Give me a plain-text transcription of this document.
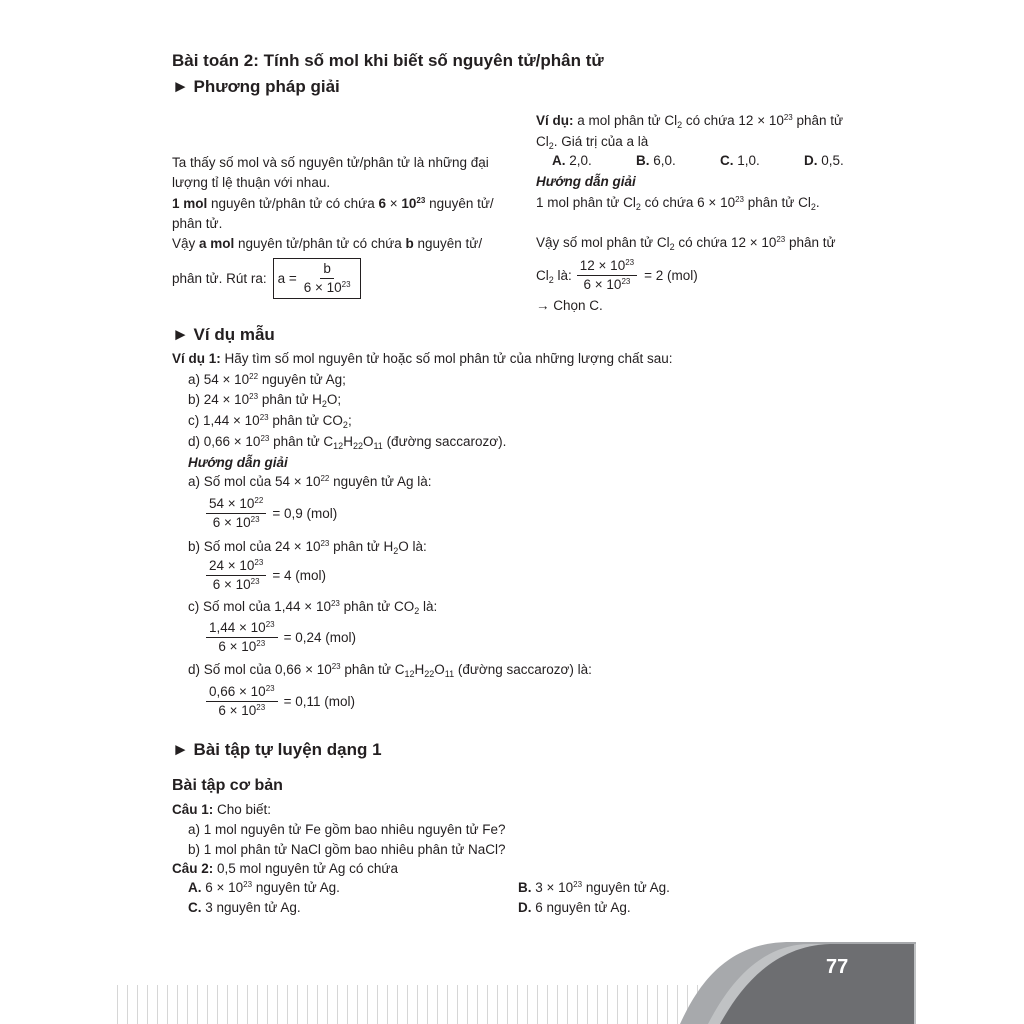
Bài toán 2: Tính số mol khi biết số nguyên tử/phân tử
► Phương pháp giải
Ta thấy số mol và số nguyên tử/phân tử là những đại
lượng tỉ lệ thuận với nhau.
1 mol nguyên tử/phân tử có chứa $6 \times 10^{23}$ nguyên tử/
phân tử.
Vậy a mol nguyên tử/phân tử có chứa b nguyên tử/
phân tử. Rút ra: $a = \frac{b}{6 \times 10^{23}}$
Ví dụ: a mol phân tử $Cl_2$ có chứa $12 \times 10^{23}$ phân tử
$Cl_2$. Giá trị của a là
A. 2,0.	B. 6,0.	C. 1,0.	D. 0,5.
Hướng dẫn giải
1 mol phân tử $Cl_2$ có chứa $6 \times 10^{23}$ phân tử $Cl_2$.
Vậy số mol phân tử $Cl_2$ có chứa $12 \times 10^{23}$ phân tử
$Cl_2$ là: $\frac{12 \times 10^{23}}{6 \times 10^{23}} = 2$ (mol)
→ Chọn C.
► Ví dụ mẫu
Ví dụ 1: Hãy tìm số mol nguyên tử hoặc số mol phân tử của những lượng chất sau:
a) $54 \times 10^{22}$ nguyên tử Ag;
b) $24 \times 10^{23}$ phân tử $H_2O$;
c) $1,44 \times 10^{23}$ phân tử $CO_2$;
d) $0,66 \times 10^{23}$ phân tử $C_{12}H_{22}O_{11}$ (đường saccarozơ).
Hướng dẫn giải
a) Số mol của $54 \times 10^{22}$ nguyên tử Ag là:
$\frac{54 \times 10^{22}}{6 \times 10^{23}} = 0,9$ (mol)
b) Số mol của $24 \times 10^{23}$ phân tử $H_2O$ là:
$\frac{24 \times 10^{23}}{6 \times 10^{23}} = 4$ (mol)
c) Số mol của $1,44 \times 10^{23}$ phân tử $CO_2$ là:
$\frac{1,44 \times 10^{23}}{6 \times 10^{23}} = 0,24$ (mol)
d) Số mol của $0,66 \times 10^{23}$ phân tử $C_{12}H_{22}O_{11}$ (đường saccarozơ) là:
$\frac{0,66 \times 10^{23}}{6 \times 10^{23}} = 0,11$ (mol)
► Bài tập tự luyện dạng 1
Bài tập cơ bản
Câu 1: Cho biết:
a) 1 mol nguyên tử Fe gồm bao nhiêu nguyên tử Fe?
b) 1 mol phân tử NaCl gồm bao nhiêu phân tử NaCl?
Câu 2: 0,5 mol nguyên tử Ag có chứa
A. $6 \times 10^{23}$ nguyên tử Ag.	B. $3 \times 10^{23}$ nguyên tử Ag.
C. 3 nguyên tử Ag.	D. 6 nguyên tử Ag.
77
